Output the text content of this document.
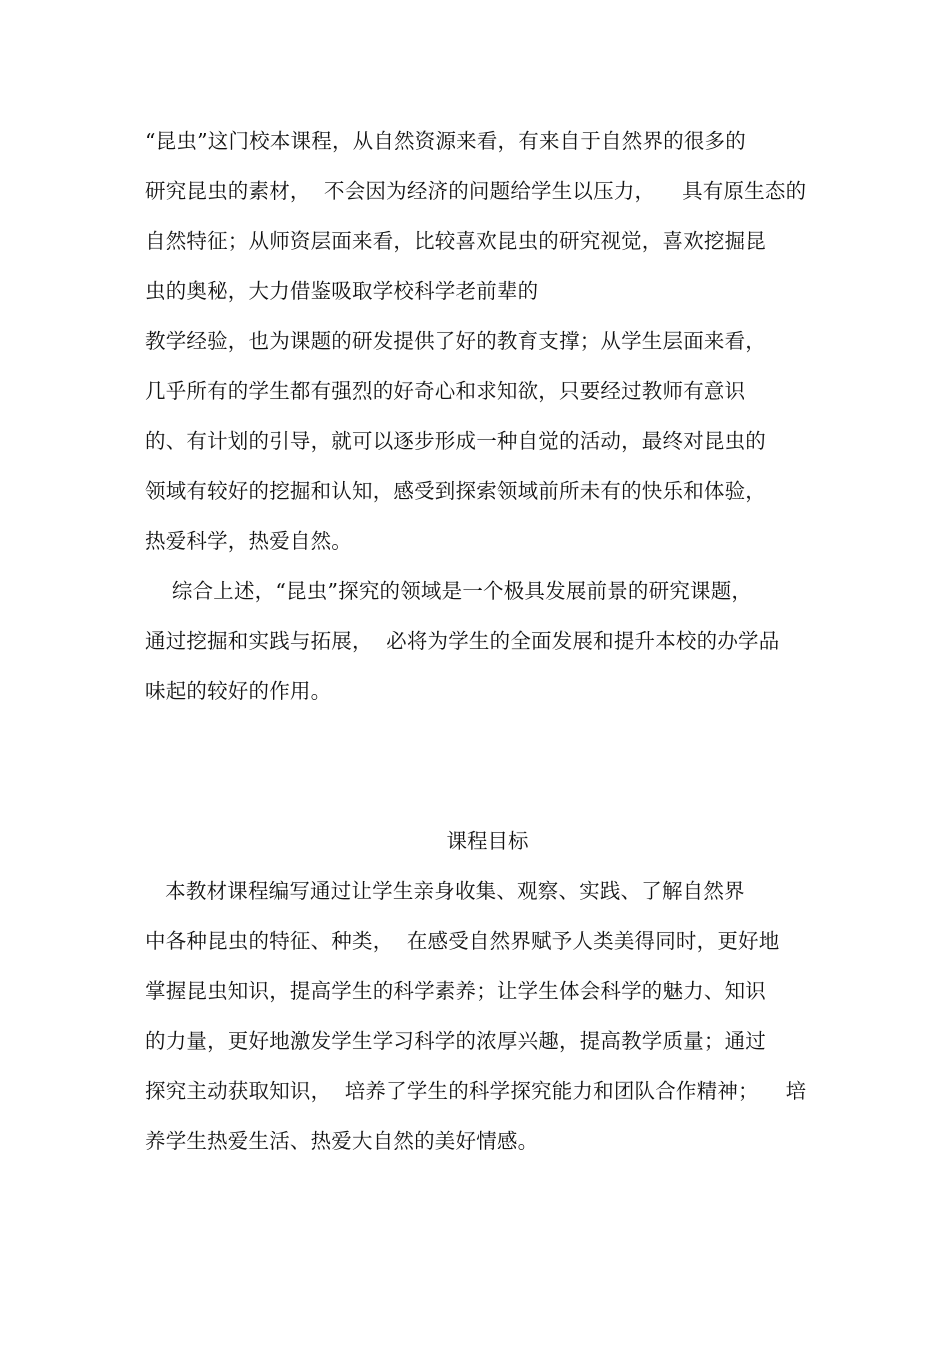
“昆虫”这门校本课程，从自然资源来看，有来自于自然界的很多的
研究昆虫的素材，  不会因为经济的问题给学生以压力，    具有原生态的
自然特征；从师资层面来看，比较喜欢昆虫的研究视觉，喜欢挖掘昆
虫的奥秘，大力借鉴吸取学校科学老前辈的
教学经验，也为课题的研发提供了好的教育支撑；从学生层面来看，
几乎所有的学生都有强烈的好奇心和求知欲，只要经过教师有意识
的、有计划的引导，就可以逐步形成一种自觉的活动，最终对昆虫的
领域有较好的挖掘和认知，感受到探索领域前所未有的快乐和体验，
热爱科学，热爱自然。
综合上述，“昆虫”探究的领域是一个极具发展前景的研究课题，
通过挖掘和实践与拓展，  必将为学生的全面发展和提升本校的办学品
味起的较好的作用。
课程目标
本教材课程编写通过让学生亲身收集、观察、实践、了解自然界
中各种昆虫的特征、种类，  在感受自然界赋予人类美得同时，更好地
掌握昆虫知识，提高学生的科学素养；让学生体会科学的魅力、知识
的力量，更好地激发学生学习科学的浓厚兴趣，提高教学质量；通过
探究主动获取知识，  培养了学生的科学探究能力和团队合作精神；    培
养学生热爱生活、热爱大自然的美好情感。
